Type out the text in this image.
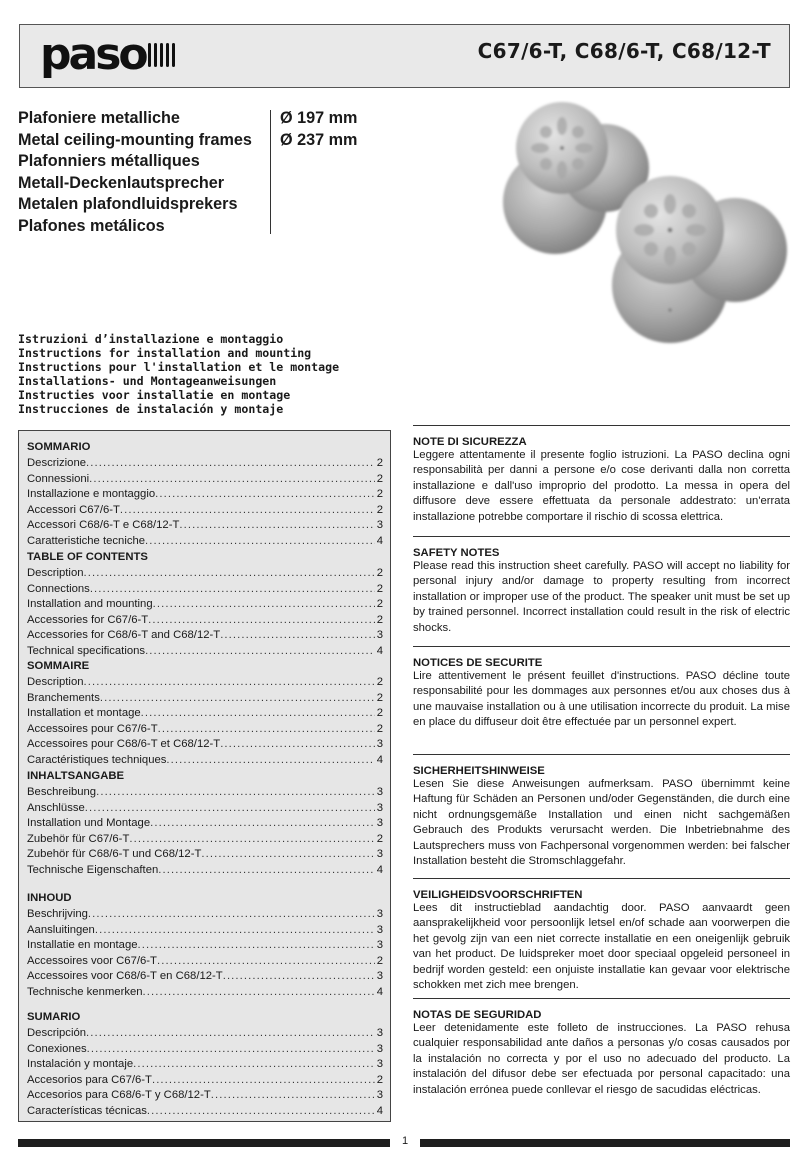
paso	C67/6-T, C68/6-T, C68/12-T
Plafoniere metalliche
Metal ceiling-mounting frames
Plafonniers métalliques
Metall-Deckenlautsprecher
Metalen plafondluidsprekers
Plafones metálicos
Ø 197 mm
Ø 237 mm
Istruzioni d’installazione e montaggio
Instructions for installation and mounting
Instructions pour l'installation et le montage
Installations- und Montageanweisungen
Instructies voor installatie en montage
Instrucciones de instalación y montaje
SOMMARIO
Descrizione .....	2
Connessioni .....	2
Installazione e montaggio .....	2
Accessori C67/6-T .....	2
Accessori C68/6-T e C68/12-T .....	3
Caratteristiche tecniche .....	4
TABLE OF CONTENTS
Description .....	2
Connections .....	2
Installation and mounting .....	2
Accessories for C67/6-T .....	2
Accessories for C68/6-T and C68/12-T .....	3
Technical specifications .....	4
SOMMAIRE
Description .....	2
Branchements .....	2
Installation et montage .....	2
Accessoires pour C67/6-T .....	2
Accessoires pour C68/6-T et C68/12-T .....	3
Caractéristiques techniques .....	4
INHALTSANGABE
Beschreibung .....	3
Anschlüsse .....	3
Installation und Montage .....	3
Zubehör für C67/6-T .....	2
Zubehör für C68/6-T und C68/12-T .....	3
Technische Eigenschaften .....	4
INHOUD
Beschrijving .....	3
Aansluitingen .....	3
Installatie en montage .....	3
Accessoires voor C67/6-T .....	2
Accessoires voor C68/6-T en C68/12-T .....	3
Technische kenmerken .....	4
SUMARIO
Descripción .....	3
Conexiones .....	3
Instalación y montaje .....	3
Accesorios para C67/6-T .....	2
Accesorios para C68/6-T y C68/12-T .....	3
Características técnicas .....	4
NOTE DI SICUREZZA
Leggere attentamente il presente foglio istruzioni. La PASO declina ogni responsabilità per danni a persone e/o cose derivanti dalla non corretta installazione e dall'uso improprio del prodotto. La messa in opera del diffusore deve essere effettuata da personale addestrato: un'errata installazione potrebbe comportare il rischio di scossa elettrica.
SAFETY NOTES
Please read this instruction sheet carefully. PASO will accept no liability for personal injury and/or damage to property resulting from incorrect installation or improper use of the product. The speaker unit must be set up by trained personnel. Incorrect installation could result in the risk of electric shocks.
NOTICES DE SECURITE
Lire attentivement le présent feuillet d'instructions. PASO décline toute responsabilité pour les dommages aux personnes et/ou aux choses dus à une mauvaise installation ou à une utilisation incorrecte du produit. La mise en place du diffuseur doit être effectuée par un personnel expert.
SICHERHEITSHINWEISE
Lesen Sie diese Anweisungen aufmerksam. PASO übernimmt keine Haftung für Schäden an Personen und/oder Gegenständen, die durch eine nicht ordnungsgemäße Installation und einen nicht sachgemäßen Gebrauch des Produkts verursacht werden. Die Inbetriebnahme des Lautsprechers muss von Fachpersonal vorgenommen werden: bei falscher Installation besteht die Stromschlaggefahr.
VEILIGHEIDSVOORSCHRIFTEN
Lees dit instructieblad aandachtig door. PASO aanvaardt geen aansprakelijkheid voor persoonlijk letsel en/of schade aan voorwerpen die het gevolg zijn van een niet correcte installatie en een oneigenlijk gebruik van het product. De luidspreker moet door speciaal opgeleid personeel in bedrijf worden gesteld: een onjuiste installatie kan gevaar voor elektrische schokken met zich mee brengen.
NOTAS DE SEGURIDAD
Leer detenidamente este folleto de instrucciones. La PASO rehusa cualquier responsabilidad ante daños a personas y/o cosas causados por la instalación no correcta y por el uso no adecuado del producto. La instalación del difusor debe ser efectuada por personal capacitado: una instalación errónea puede conllevar el riesgo de sacudidas eléctricas.
1
